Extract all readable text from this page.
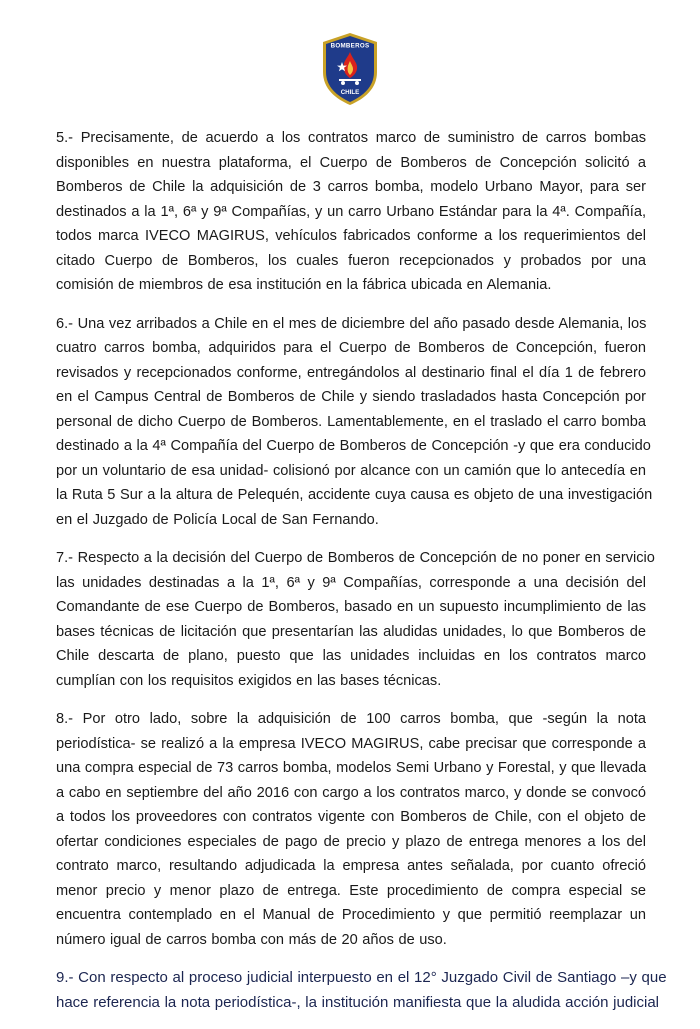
BOMBEROS
CHILE

5.- Precisamente, de acuerdo a los contratos marco de suministro de carros bombas
disponibles en nuestra plataforma, el Cuerpo de Bomberos de Concepción solicitó a
Bomberos de Chile la adquisición de 3 carros bomba, modelo Urbano Mayor, para ser
destinados a la 1ª, 6ª y 9ª Compañías, y un carro Urbano Estándar para la 4ª. Compañía,
todos marca IVECO MAGIRUS, vehículos fabricados conforme a los requerimientos del
citado Cuerpo de Bomberos, los cuales fueron recepcionados y probados por una
comisión de miembros de esa institución en la fábrica ubicada en Alemania.

6.- Una vez arribados a Chile en el mes de diciembre del año pasado desde Alemania, los
cuatro carros bomba, adquiridos para el Cuerpo de Bomberos de Concepción, fueron
revisados y recepcionados conforme, entregándolos al destinario final el día 1 de febrero
en el Campus Central de Bomberos de Chile y siendo trasladados hasta Concepción por
personal de dicho Cuerpo de Bomberos. Lamentablemente, en el traslado el carro bomba
destinado a la 4ª Compañía del Cuerpo de Bomberos de Concepción -y que era conducido
por un voluntario de esa unidad- colisionó por alcance con un camión que lo antecedía en
la Ruta 5 Sur a la altura de Pelequén, accidente cuya causa es objeto de una investigación
en el Juzgado de Policía Local de San Fernando.

7.- Respecto a la decisión del Cuerpo de Bomberos de Concepción de no poner en servicio
las unidades destinadas a la 1ª, 6ª y 9ª Compañías, corresponde a una decisión del
Comandante de ese Cuerpo de Bomberos, basado en un supuesto incumplimiento de las
bases técnicas de licitación que presentarían las aludidas unidades, lo que Bomberos de
Chile descarta de plano, puesto que las unidades incluidas en los contratos marco
cumplían con los requisitos exigidos en las bases técnicas.

8.- Por otro lado, sobre la adquisición de 100 carros bomba, que -según la nota
periodística- se realizó a la empresa IVECO MAGIRUS, cabe precisar que corresponde a
una compra especial de 73 carros bomba, modelos Semi Urbano y Forestal, y que llevada
a cabo en septiembre del año 2016 con cargo a los contratos marco, y donde se convocó
a todos los proveedores con contratos vigente con Bomberos de Chile, con el objeto de
ofertar condiciones especiales de pago de precio y plazo de entrega menores a los del
contrato marco, resultando adjudicada la empresa antes señalada, por cuanto ofreció
menor precio y menor plazo de entrega. Este procedimiento de compra especial se
encuentra contemplado en el Manual de Procedimiento y que permitió reemplazar un
número igual de carros bomba con más de 20 años de uso.

9.- Con respecto al proceso judicial interpuesto en el 12° Juzgado Civil de Santiago –y que
hace referencia la nota periodística-, la institución manifiesta que la aludida acción judicial
